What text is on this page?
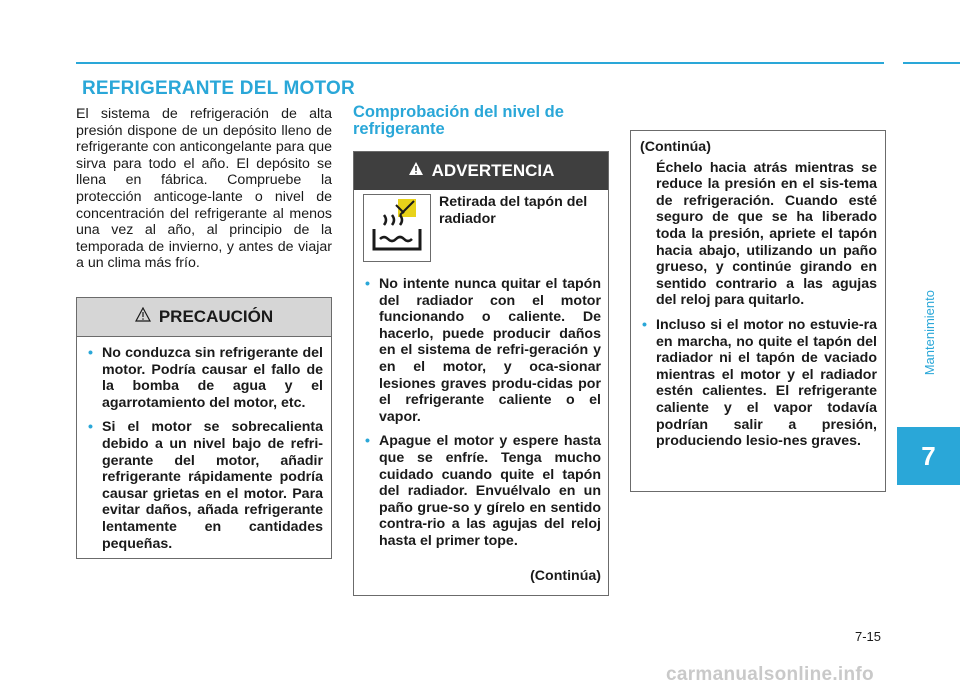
REFRIGERANTE DEL MOTOR
Mantenimiento
7
El sistema de refrigeración de alta presión dispone de un depósito lleno de refrigerante con anticongelante para que sirva para todo el año. El depósito se llena en fábrica. Compruebe la protección anticoge-lante o nivel de concentración del refrigerante al menos una vez al año, al principio de la temporada de invierno, y antes de viajar a un clima más frío.
PRECAUCIÓN
• No conduzca sin refrigerante del motor. Podría causar el fallo de la bomba de agua y el agarrotamiento del motor, etc.
• Si el motor se sobrecalienta debido a un nivel bajo de refri-gerante del motor, añadir refrigerante rápidamente podría causar grietas en el motor. Para evitar daños, añada refrigerante lentamente en cantidades pequeñas.
Comprobación del nivel de refrigerante
ADVERTENCIA
Retirada del tapón del radiador
• No intente nunca quitar el tapón del radiador con el motor funcionando o caliente. De hacerlo, puede producir daños en el sistema de refri-geración y en el motor, y oca-sionar lesiones graves produ-cidas por el refrigerante caliente o el vapor.
• Apague el motor y espere hasta que se enfríe. Tenga mucho cuidado cuando quite el tapón del radiador. Envuélvalo en un paño grue-so y gírelo en sentido contra-rio a las agujas del reloj hasta el primer tope.
(Continúa)
(Continúa)
Échelo hacia atrás mientras se reduce la presión en el sis-tema de refrigeración. Cuando esté seguro de que se ha liberado toda la presión, apriete el tapón hacia abajo, utilizando un paño grueso, y continúe girando en sentido contrario a las agujas del reloj para quitarlo.
• Incluso si el motor no estuvie-ra en marcha, no quite el tapón del radiador ni el tapón de vaciado mientras el motor y el radiador estén calientes. El refrigerante caliente y el vapor todavía podrían salir a presión, produciendo lesio-nes graves.
7-15
carmanualsonline.info
